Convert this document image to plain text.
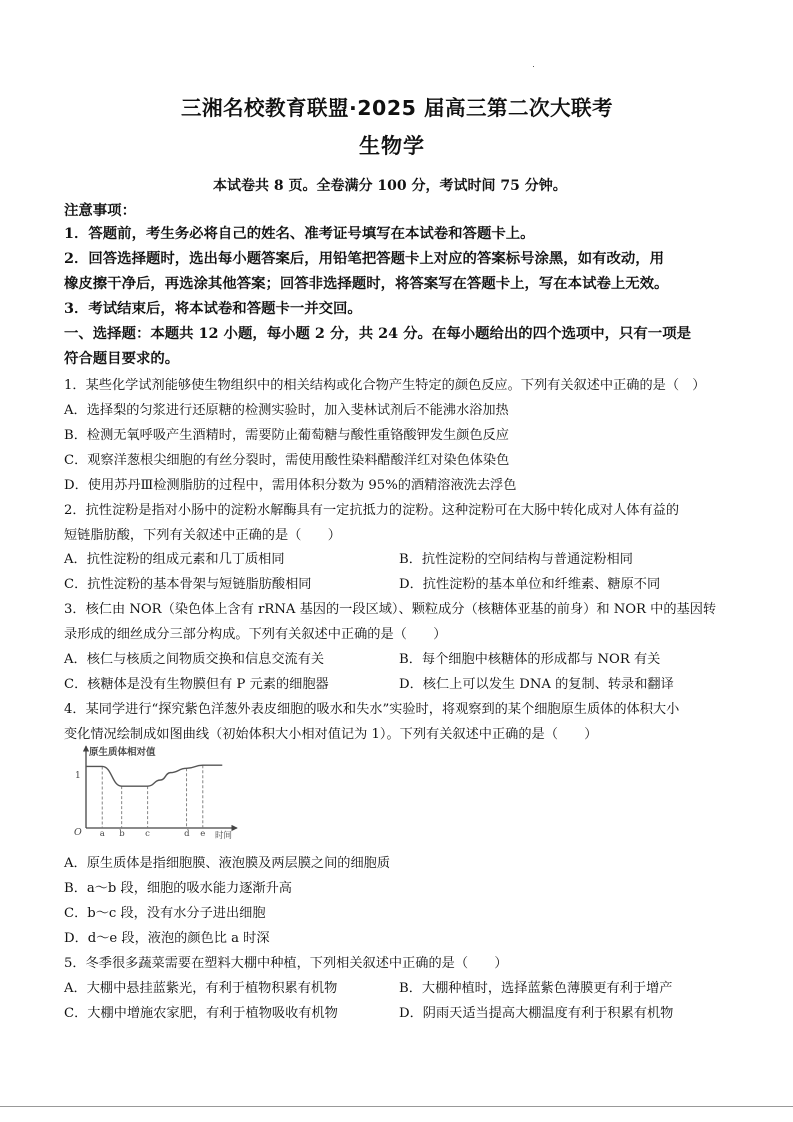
三湘名校教育联盟·2025 届高三第二次大联考
生物学
本试卷共 8 页。全卷满分 100 分，考试时间 75 分钟。
注意事项：
1．答题前，考生务必将自己的姓名、准考证号填写在本试卷和答题卡上。
2．回答选择题时，选出每小题答案后，用铅笔把答题卡上对应的答案标号涂黑，如有改动，用
橡皮擦干净后，再选涂其他答案；回答非选择题时，将答案写在答题卡上，写在本试卷上无效。
3．考试结束后，将本试卷和答题卡一并交回。
一、选择题：本题共 12 小题，每小题 2 分，共 24 分。在每小题给出的四个选项中，只有一项是
符合题目要求的。
1．某些化学试剂能够使生物组织中的相关结构或化合物产生特定的颜色反应。下列有关叙述中正确的是（　）
A．选择梨的匀浆进行还原糖的检测实验时，加入斐林试剂后不能沸水浴加热
B．检测无氧呼吸产生酒精时，需要防止葡萄糖与酸性重铬酸钾发生颜色反应
C．观察洋葱根尖细胞的有丝分裂时，需使用酸性染料醋酸洋红对染色体染色
D．使用苏丹Ⅲ检测脂肪的过程中，需用体积分数为 95%的酒精溶液洗去浮色
2．抗性淀粉是指对小肠中的淀粉水解酶具有一定抗抵力的淀粉。这种淀粉可在大肠中转化成对人体有益的
短链脂肪酸，下列有关叙述中正确的是（　　）
A．抗性淀粉的组成元素和几丁质相同	B．抗性淀粉的空间结构与普通淀粉相同
C．抗性淀粉的基本骨架与短链脂肪酸相同	D．抗性淀粉的基本单位和纤维素、糖原不同
3．核仁由 NOR（染色体上含有 rRNA 基因的一段区域）、颗粒成分（核糖体亚基的前身）和 NOR 中的基因转
录形成的细丝成分三部分构成。下列有关叙述中正确的是（　　）
A．核仁与核质之间物质交换和信息交流有关	B．每个细胞中核糖体的形成都与 NOR 有关
C．核糖体是没有生物膜但有 P 元素的细胞器	D．核仁上可以发生 DNA 的复制、转录和翻译
4．某同学进行“探究紫色洋葱外表皮细胞的吸水和失水”实验时，将观察到的某个细胞原生质体的体积大小
变化情况绘制成如图曲线（初始体积大小相对值记为 1）。下列有关叙述中正确的是（　　）
原生质体相对值
时间
O
1
a b c	d e
A．原生质体是指细胞膜、液泡膜及两层膜之间的细胞质
B．a～b 段，细胞的吸水能力逐渐升高
C．b～c 段，没有水分子进出细胞
D．d～e 段，液泡的颜色比 a 时深
5．冬季很多蔬菜需要在塑料大棚中种植，下列相关叙述中正确的是（　　）
A．大棚中悬挂蓝紫光，有利于植物积累有机物	B．大棚种植时，选择蓝紫色薄膜更有利于增产
C．大棚中增施农家肥，有利于植物吸收有机物	D．阴雨天适当提高大棚温度有利于积累有机物
